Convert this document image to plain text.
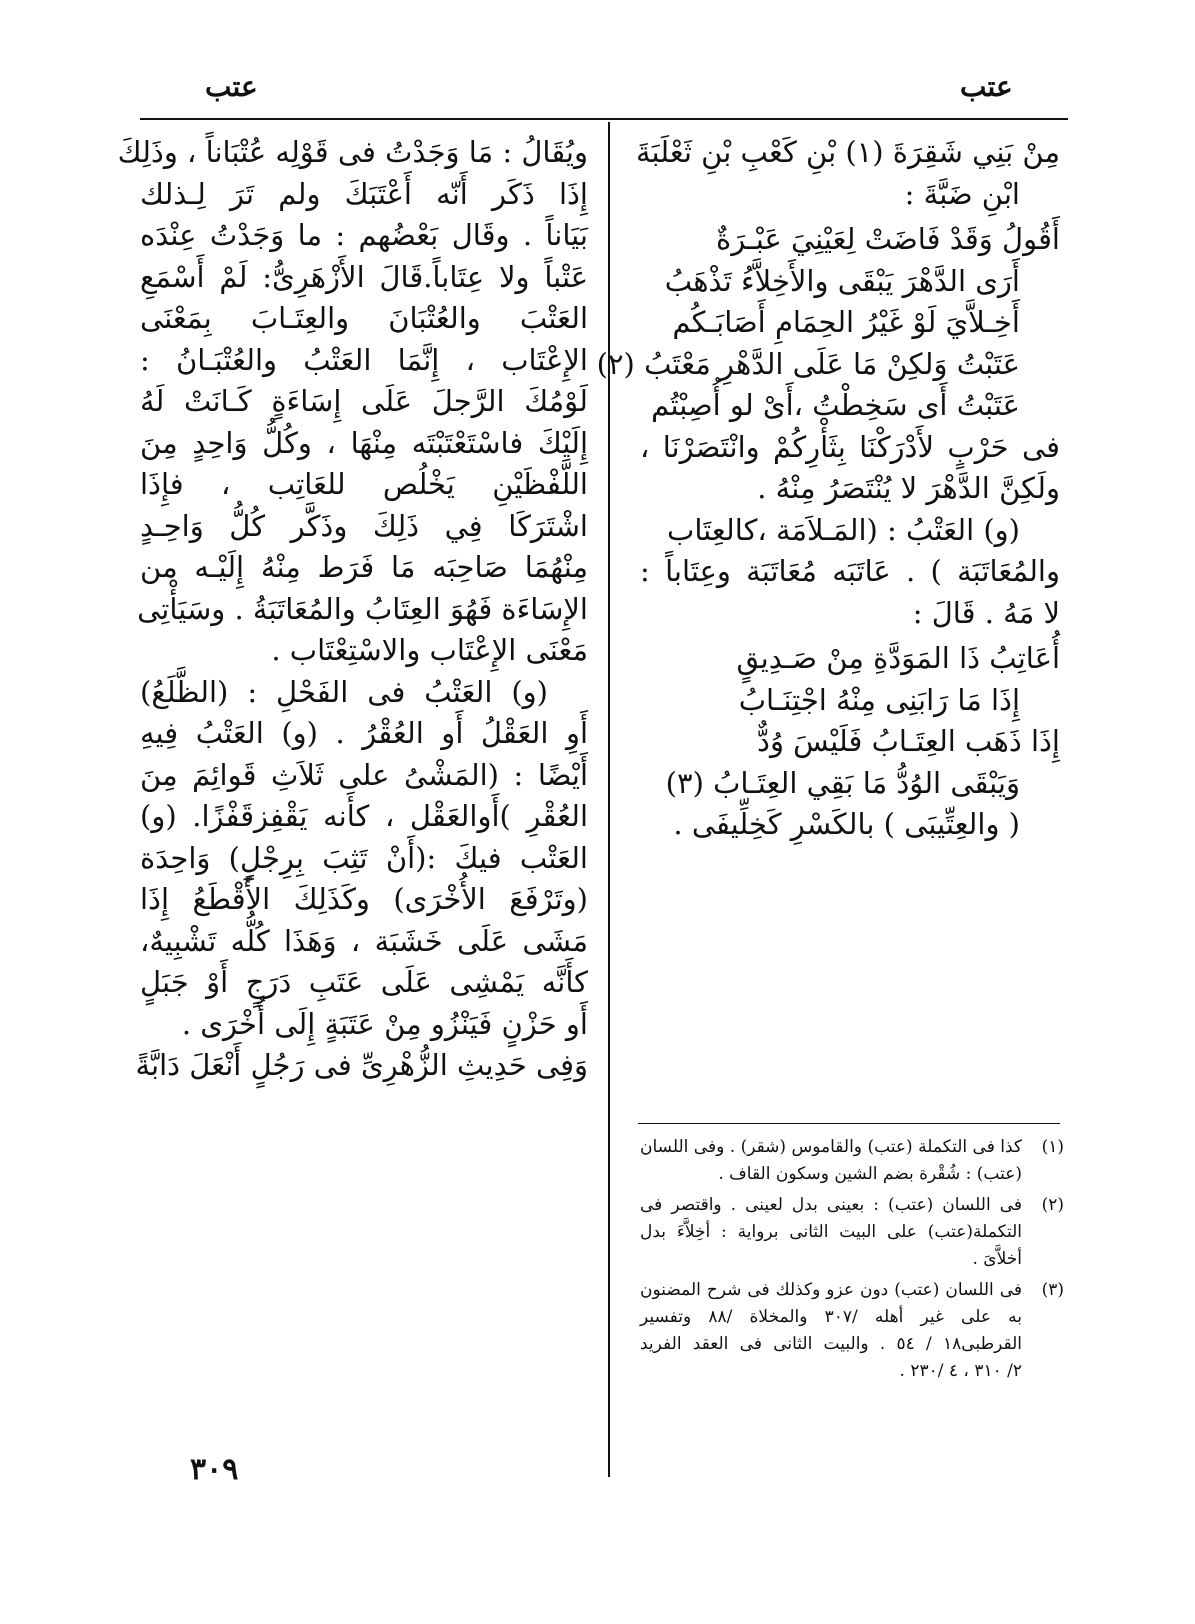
عتب
عتب
مِنْ بَنِي شَقِرَةَ (١) بْنِ كَعْبِ بْنِ ثَعْلَبَةَ
ابْنِ ضَبَّةَ :
أَقُولُ وَقَدْ فَاضَتْ لِعَيْنِيَ عَبْـرَةٌ
أَرَى الدَّهْرَ يَبْقَى والأَخِلاَّءُ تَذْهَبُ
أَخِـلاَّيَ لَوْ غَيْرُ الحِمَامِ أَصَابَـكُم
عَتَبْتُ وَلكِنْ مَا عَلَى الدَّهْرِ مَعْتَبُ (٢)
عَتَبْتُ أَى سَخِطْتُ ،أَىْ لو أُصِبْتُم
فى حَرْبٍ لأَدْرَكْنَا بِثَأْرِكُمْ وانْتَصَرْنَا ،
ولَكِنَّ الدَّهْرَ لا يُنْتَصَرُ مِنْهُ .
(و) العَتْبُ : (المَـلاَمَة ،كالعِتَاب
والمُعَاتَبَة ) . عَاتَبَه مُعَاتَبَة وعِتَاباً :
لا مَهُ . قَالَ :
أُعَاتِبُ ذَا المَوَدَّةِ مِنْ صَـدِيقٍ
إِذَا مَا رَابَنِى مِنْهُ اجْتِنَـابُ
إِذَا ذَهَب العِتَـابُ فَلَيْسَ وُدٌّ
وَيَبْقَى الوُدُّ مَا بَقِي العِتَـابُ (٣)
( والعِتِّيبَى ) بالكَسْرِ كَخِلِّيفَى .
ويُقَالُ : مَا وَجَدْتُ فى قَوْلِه عُتْبَاناً ، وذَلِكَ
إِذَا ذَكَر أَنّه أَعْتَبَكَ ولم تَرَ لِـذلك
بَيَاناً . وقَال بَعْضُهم : ما وَجَدْتُ عِنْدَه
عَتْباً ولا عِتَاباً.قَالَ الأَزْهَرِىُّ: لَمْ أَسْمَعِ
العَتْبَ والعُتْبَانَ والعِتَـابَ بِمَعْنَى
الإِعْتَاب ، إِنَّمَا العَتْبُ والعُتْبَـانُ :
لَوْمُكَ الرَّجلَ عَلَى إِسَاءَةٍ كَـانَتْ لَهُ
إِلَيْكَ فاسْتَعْتَبْتَه مِنْهَا ، وكُلُّ وَاحِدٍ مِنَ
اللَّفْظَيْنِ يَخْلُص للعَاتِب ، فإِذَا
اشْتَرَكَا فِي ذَلِكَ وذَكَّر كُلُّ وَاحِـدٍ
مِنْهُمَا صَاحِبَه مَا فَرَط مِنْهُ إِلَيْـه من
الإِسَاءَة فَهُوَ العِتَابُ والمُعَاتَبَةُ . وسَيَأْتِى
مَعْنَى الإِعْتَاب والاسْتِعْتَاب .
(و) العَتْبُ فى الفَحْلِ : (الظَّلَعُ)
أَوِ العَقْلُ أَو العُقْرُ . (و) العَتْبُ فِيهِ
أَيْضًا : (المَشْىُ على ثَلاَثِ قَوائِمَ مِنَ
العُقْرِ )أَوالعَقْل ، كأَنه يَقْفِزقَفْزًا. (و)
العَتْب فيكَ :(أَنْ تَثِبَ بِرِجْلٍ) وَاحِدَة
(وتَرْفَعَ الأُخْرَى) وكَذَلِكَ الأَقْطَعُ إِذَا
مَشَى عَلَى خَشَبَة ، وَهَذَا كُلُّه تَشْبِيهٌ،
كأَنَّه يَمْشِى عَلَى عَتَبِ دَرَجٍ أَوْ جَبَلٍ
أَو حَزْنٍ فَيَنْزُو مِنْ عَتَبَةٍ إِلَى أُخْرَى .
وَفِى حَدِيثِ الزُّهْرِىِّ فى رَجُلٍ أَنْعَلَ دَابَّةً
(١)
كذا فى التكملة (عتب) والقاموس (شقر) . وفى اللسان
(عتب) : شُقْرة بضم الشين وسكون القاف .
(٢)
فى اللسان (عتب) : بعينى بدل لعينى . واقتصر فى
التكملة(عتب) على البيت الثانى برواية : أخِلاَّءَ بدل
أخلاَّىَ .
(٣)
فى اللسان (عتب) دون عزو وكذلك فى شرح المضنون
به على غير أهله /٣٠٧ والمخلاة /٨٨ وتفسير
القرطبى١٨ / ٥٤ . والبيت الثانى فى العقد الفريد
٢/ ٣١٠ ، ٤ /٢٣٠ .
٣٠٩
